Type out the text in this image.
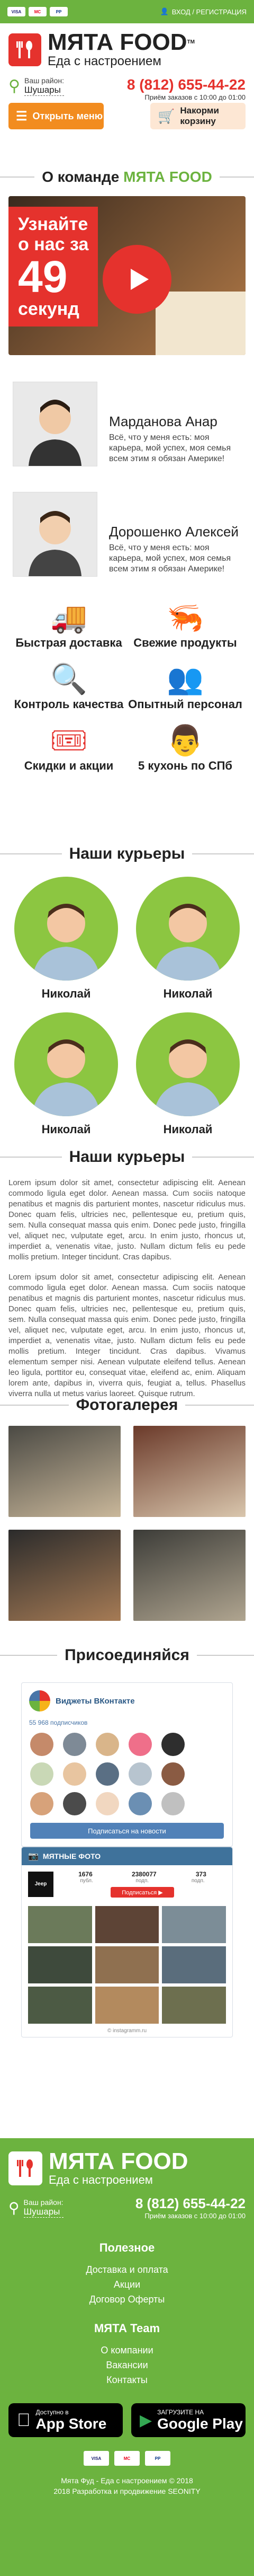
VISA	MC	PP	👤 ВХОД / РЕГИСТРАЦИЯ
МЯТА FOOD™
Еда с настроением
⚲ Ваш район:
Шушары	8 (812) 655-44-22
Приём заказов с 10:00 до 01:00
☰ Открыть меню	🛒 Накорми корзину
О команде МЯТА FOOD
Узнайте
о нас за
49
секунд
Мардановa Анар
Всё, что у меня есть: моя карьера, мой успех, моя семья всем этим я обязан Америке!
Дорошенко Алексей
Всё, что у меня есть: моя карьера, мой успех, моя семья всем этим я обязан Америке!
🚚
Быстрая доставка
🦐
Свежие продукты
🔍
Контроль качества
👥
Опытный персонал
🎟
Скидки и акции
👨
5 кухонь по СПб
Наши курьеры
Николай	Николай
Николай	Николай
Наши курьеры

Lorem ipsum dolor sit amet, consectetur adipiscing elit. Aenean commodo ligula eget dolor. Aenean massa. Cum sociis natoque penatibus et magnis dis parturient montes, nascetur ridiculus mus. Donec quam felis, ultricies nec, pellentesque eu, pretium quis, sem. Nulla consequat massa quis enim. Donec pede justo, fringilla vel, aliquet nec, vulputate eget, arcu. In enim justo, rhoncus ut, imperdiet a, venenatis vitae, justo. Nullam dictum felis eu pede mollis pretium. Integer tincidunt. Cras dapibus.

Lorem ipsum dolor sit amet, consectetur adipiscing elit. Aenean commodo ligula eget dolor. Aenean massa. Cum sociis natoque penatibus et magnis dis parturient montes, nascetur ridiculus mus. Donec quam felis, ultricies nec, pellentesque eu, pretium quis, sem. Nulla consequat massa quis enim. Donec pede justo, fringilla vel, aliquet nec, vulputate eget, arcu. In enim justo, rhoncus ut, imperdiet a, venenatis vitae, justo. Nullam dictum felis eu pede mollis pretium. Integer tincidunt. Cras dapibus. Vivamus elementum semper nisi. Aenean vulputate eleifend tellus. Aenean leo ligula, porttitor eu, consequat vitae, eleifend ac, enim. Aliquam lorem ante, dapibus in, viverra quis, feugiat a, tellus. Phasellus viverra nulla ut metus varius laoreet. Quisque rutrum.

Фотогалерея
Присоединяйся
Виджеты ВКонтакте
55 968 подписчиков
Подписаться на новости
📷 МЯТНЫЕ ФОТО
Jeep
1676	2380077	373
публ.	подп.	подп.
Подписаться ▶
© instagramm.ru
МЯТА FOOD
Еда с настроением
⚲ Ваш район:
Шушары	8 (812) 655-44-22
Приём заказов с 10:00 до 01:00
Полезное
Доставка и оплата
Акции
Договор Оферты
МЯТА Team
О компании
Вакансии
Контакты
Доступно в
App Store	▶ ЗАГРУЗИТЕ НА
Google Play
VISA	MC	PP
Мята Фуд - Еда с настроением © 2018
2018 Разработка и продвижение SEONITY
